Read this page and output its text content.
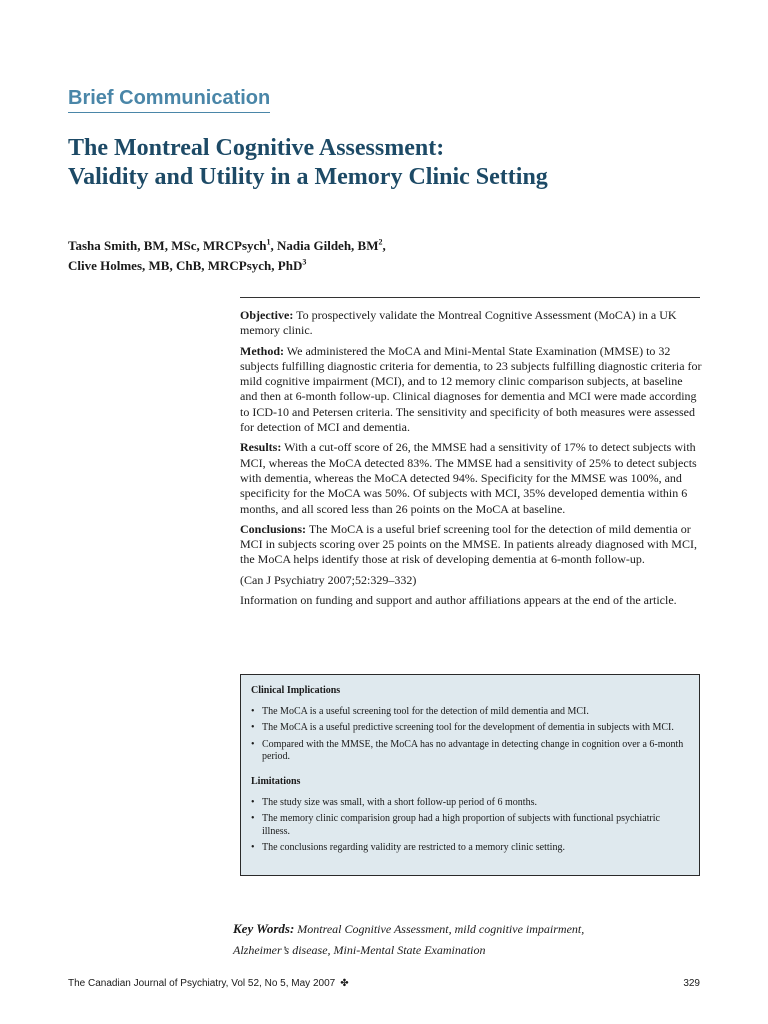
Brief Communication
The Montreal Cognitive Assessment:
Validity and Utility in a Memory Clinic Setting
Tasha Smith, BM, MSc, MRCPsych$^1$, Nadia Gildeh, $BM^2$,
Clive Holmes, MB, ChB, MRCPsych, PhD$^3$

Objective: To prospectively validate the Montreal Cognitive Assessment (MoCA) in a UK memory clinic.

Method: We administered the MoCA and Mini-Mental State Examination (MMSE) to 32 subjects fulfilling diagnostic criteria for dementia, to 23 subjects fulfilling diagnostic criteria for mild cognitive impairment (MCI), and to 12 memory clinic comparison subjects, at baseline and then at 6-month follow-up. Clinical diagnoses for dementia and MCI were made according to ICD-10 and Petersen criteria. The sensitivity and specificity of both measures were assessed for detection of MCI and dementia.

Results: With a cut-off score of 26, the MMSE had a sensitivity of 17% to detect subjects with MCI, whereas the MoCA detected 83%. The MMSE had a sensitivity of 25% to detect subjects with dementia, whereas the MoCA detected 94%. Specificity for the MMSE was 100%, and specificity for the MoCA was 50%. Of subjects with MCI, 35% developed dementia within 6 months, and all scored less than 26 points on the MoCA at baseline.

Conclusions: The MoCA is a useful brief screening tool for the detection of mild dementia or MCI in subjects scoring over 25 points on the MMSE. In patients already diagnosed with MCI, the MoCA helps identify those at risk of developing dementia at 6-month follow-up.

(Can J Psychiatry 2007;52:329–332)

Information on funding and support and author affiliations appears at the end of the article.

Clinical Implications
• The MoCA is a useful screening tool for the detection of mild dementia and MCI.
• The MoCA is a useful predictive screening tool for the development of dementia in subjects with MCI.
• Compared with the MMSE, the MoCA has no advantage in detecting change in cognition over a 6-month period.
Limitations
• The study size was small, with a short follow-up period of 6 months.
• The memory clinic comparision group had a high proportion of subjects with functional psychiatric illness.
• The conclusions regarding validity are restricted to a memory clinic setting.
Key Words: Montreal Cognitive Assessment, mild cognitive impairment,
Alzheimer’s disease, Mini-Mental State Examination
The Canadian Journal of Psychiatry, Vol 52, No 5, May 2007 ✤	329
